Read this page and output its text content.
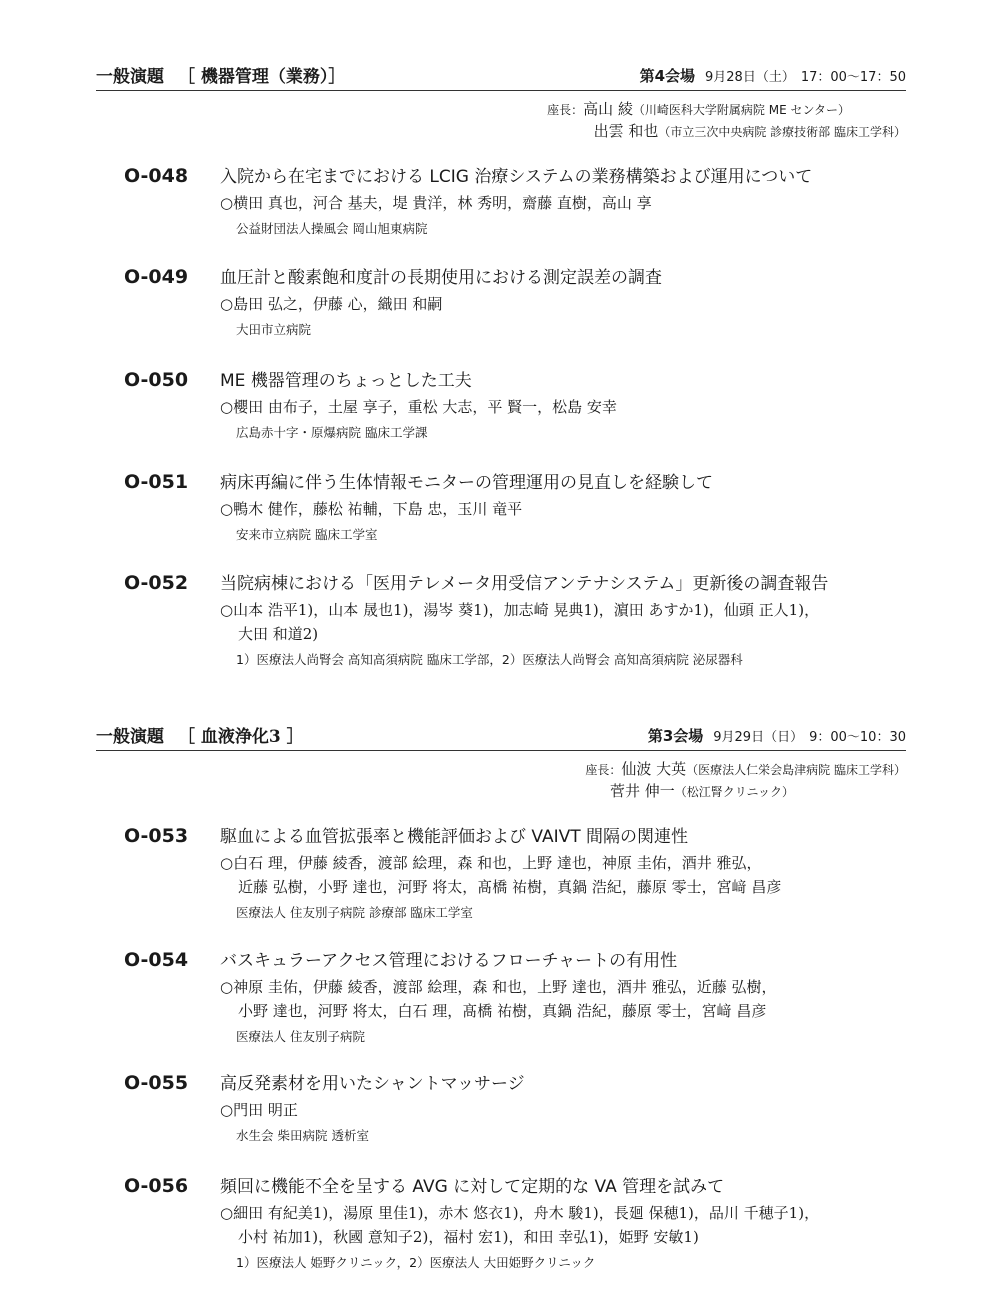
一般演題 ［ 機器管理（業務）］	第4会場 9月28日（土） 17：00～17：50
座長：高山 綾（川崎医科大学附属病院 ME センター）
出雲 和也（市立三次中央病院 診療技術部 臨床工学科）
O-048 入院から在宅までにおける LCIG 治療システムの業務構築および運用について
○横田 真也，河合 基夫，堤 貴洋，林 秀明，齋藤 直樹，高山 享
公益財団法人操風会 岡山旭東病院
O-049 血圧計と酸素飽和度計の長期使用における測定誤差の調査
○島田 弘之，伊藤 心，織田 和嗣
大田市立病院
O-050 ME 機器管理のちょっとした工夫
○櫻田 由布子，土屋 享子，重松 大志，平 賢一，松島 安幸
広島赤十字・原爆病院 臨床工学課
O-051 病床再編に伴う生体情報モニターの管理運用の見直しを経験して
○鴨木 健作，藤松 祐輔，下島 忠，玉川 竜平
安来市立病院 臨床工学室
O-052 当院病棟における「医用テレメータ用受信アンテナシステム」更新後の調査報告
○山本 浩平1)，山本 晟也1)，湯岑 葵1)，加志崎 晃典1)，濵田 あすか1)，仙頭 正人1)，
大田 和道2)
1）医療法人尚腎会 高知高須病院 臨床工学部，2）医療法人尚腎会 高知高須病院 泌尿器科
一般演題 ［ 血液浄化3 ］	第3会場 9月29日（日） 9：00～10：30
座長：仙波 大英（医療法人仁栄会島津病院 臨床工学科）
菅井 伸一（松江腎クリニック）
O-053 駆血による血管拡張率と機能評価および VAIVT 間隔の関連性
○白石 理，伊藤 綾香，渡部 絵理，森 和也，上野 達也，神原 圭佑，酒井 雅弘，
近藤 弘樹，小野 達也，河野 将太，髙橋 祐樹，真鍋 浩紀，藤原 零士，宮﨑 昌彦
医療法人 住友別子病院 診療部 臨床工学室
O-054 バスキュラーアクセス管理におけるフローチャートの有用性
○神原 圭佑，伊藤 綾香，渡部 絵理，森 和也，上野 達也，酒井 雅弘，近藤 弘樹，
小野 達也，河野 将太，白石 理，髙橋 祐樹，真鍋 浩紀，藤原 零士，宮﨑 昌彦
医療法人 住友別子病院
O-055 高反発素材を用いたシャントマッサージ
○門田 明正
水生会 柴田病院 透析室
O-056 頻回に機能不全を呈する AVG に対して定期的な VA 管理を試みて
○細田 有紀美1)，湯原 里佳1)，赤木 悠衣1)，舟木 駿1)，長廻 保穂1)，品川 千穂子1)，
小村 祐加1)，秋國 意知子2)，福村 宏1)，和田 幸弘1)，姫野 安敏1)
1）医療法人 姫野クリニック，2）医療法人 大田姫野クリニック
